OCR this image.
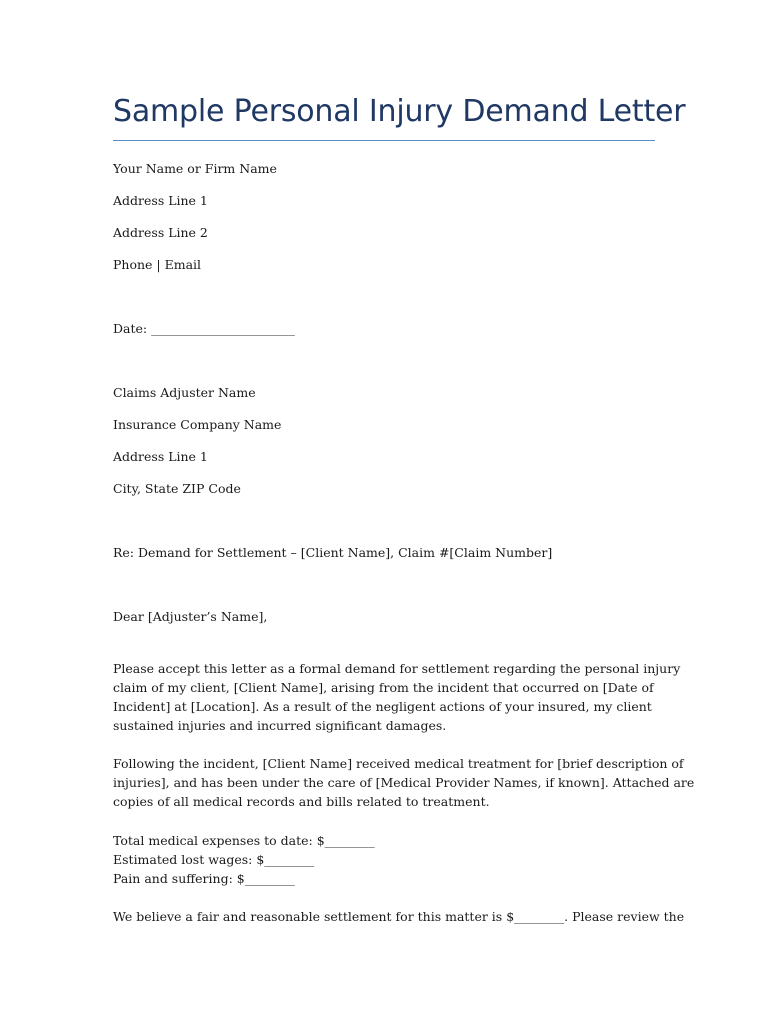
Sample Personal Injury Demand Letter
Your Name or Firm Name
Address Line 1
Address Line 2
Phone | Email
Date: _______________________
Claims Adjuster Name
Insurance Company Name
Address Line 1
City, State ZIP Code
Re: Demand for Settlement – [Client Name], Claim #[Claim Number]
Dear [Adjuster’s Name],
Please accept this letter as a formal demand for settlement regarding the personal injury
claim of my client, [Client Name], arising from the incident that occurred on [Date of
Incident] at [Location]. As a result of the negligent actions of your insured, my client
sustained injuries and incurred significant damages.
Following the incident, [Client Name] received medical treatment for [brief description of
injuries], and has been under the care of [Medical Provider Names, if known]. Attached are
copies of all medical records and bills related to treatment.
Total medical expenses to date: $________
Estimated lost wages: $________
Pain and suffering: $________
We believe a fair and reasonable settlement for this matter is $________. Please review the
